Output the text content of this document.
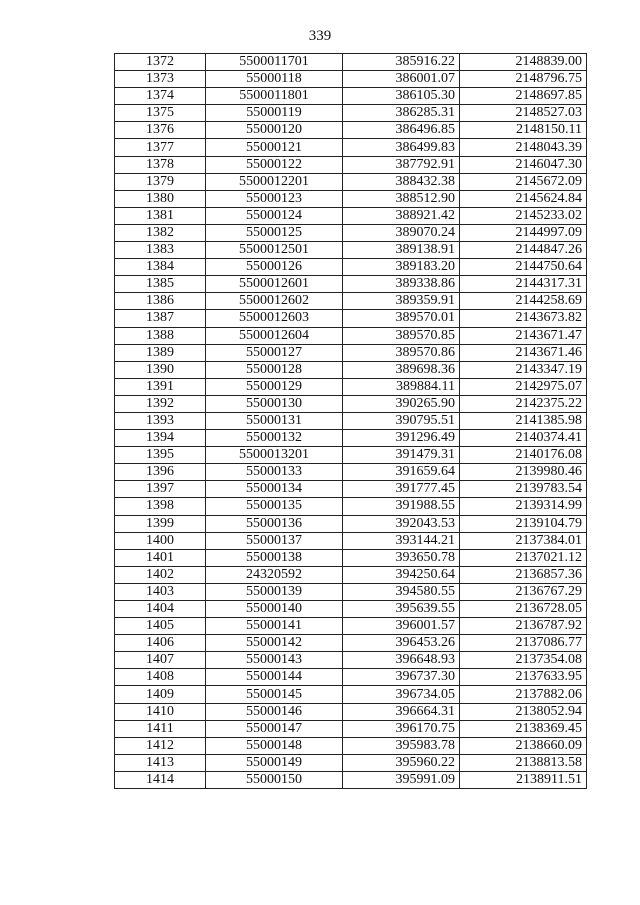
339
1372	5500011701	385916.22	2148839.00
1373	55000118	386001.07	2148796.75
1374	5500011801	386105.30	2148697.85
1375	55000119	386285.31	2148527.03
1376	55000120	386496.85	2148150.11
1377	55000121	386499.83	2148043.39
1378	55000122	387792.91	2146047.30
1379	5500012201	388432.38	2145672.09
1380	55000123	388512.90	2145624.84
1381	55000124	388921.42	2145233.02
1382	55000125	389070.24	2144997.09
1383	5500012501	389138.91	2144847.26
1384	55000126	389183.20	2144750.64
1385	5500012601	389338.86	2144317.31
1386	5500012602	389359.91	2144258.69
1387	5500012603	389570.01	2143673.82
1388	5500012604	389570.85	2143671.47
1389	55000127	389570.86	2143671.46
1390	55000128	389698.36	2143347.19
1391	55000129	389884.11	2142975.07
1392	55000130	390265.90	2142375.22
1393	55000131	390795.51	2141385.98
1394	55000132	391296.49	2140374.41
1395	5500013201	391479.31	2140176.08
1396	55000133	391659.64	2139980.46
1397	55000134	391777.45	2139783.54
1398	55000135	391988.55	2139314.99
1399	55000136	392043.53	2139104.79
1400	55000137	393144.21	2137384.01
1401	55000138	393650.78	2137021.12
1402	24320592	394250.64	2136857.36
1403	55000139	394580.55	2136767.29
1404	55000140	395639.55	2136728.05
1405	55000141	396001.57	2136787.92
1406	55000142	396453.26	2137086.77
1407	55000143	396648.93	2137354.08
1408	55000144	396737.30	2137633.95
1409	55000145	396734.05	2137882.06
1410	55000146	396664.31	2138052.94
1411	55000147	396170.75	2138369.45
1412	55000148	395983.78	2138660.09
1413	55000149	395960.22	2138813.58
1414	55000150	395991.09	2138911.51
